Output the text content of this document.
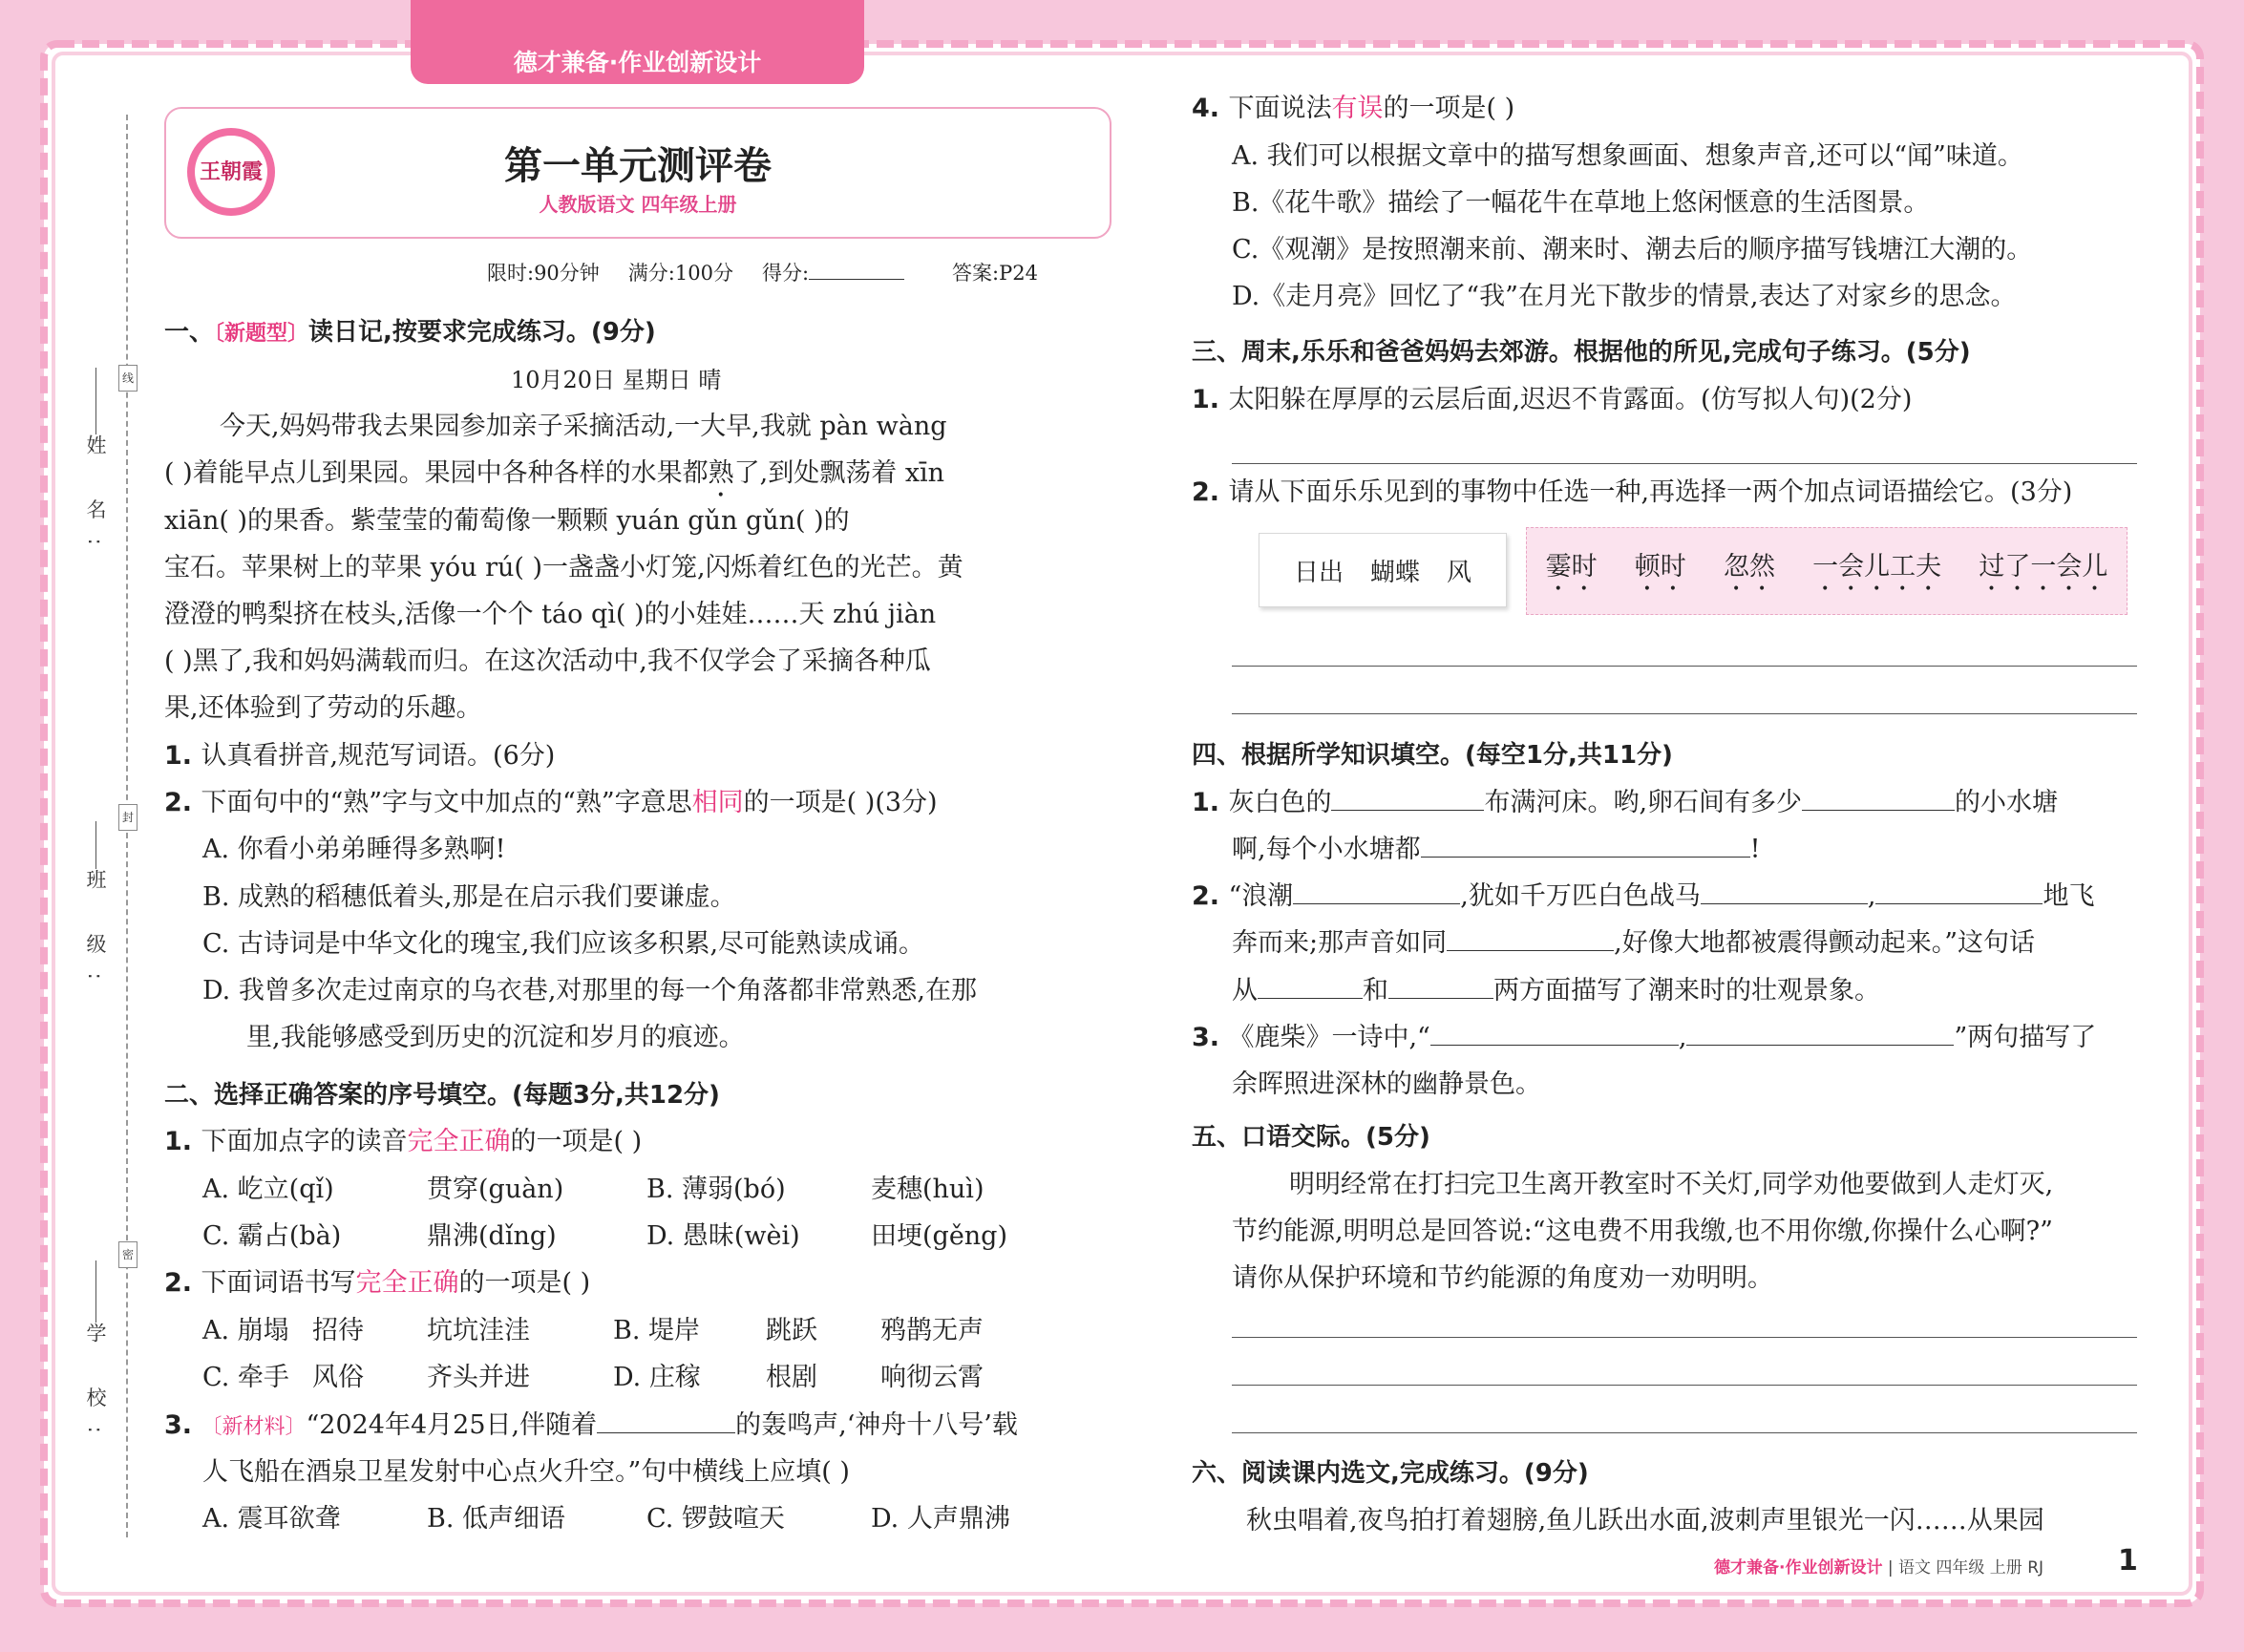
德才兼备·作业创新设计
姓 名:
班 级:
学 校:
线
封
密
王朝霞	第一单元测评卷
人教版语文 四年级上册
限时:90分钟 满分:100分 得分:	答案:P24
一、〔新题型〕读日记,按要求完成练习。(9分)
10月20日 星期日 晴
今天,妈妈带我去果园参加亲子采摘活动,一大早,我就 pàn wàng
( )着能早点儿到果园。果园中各种各样的水果都熟了,到处飘荡着 xīn
xiān( )的果香。紫莹莹的葡萄像一颗颗 yuán gǔn gǔn( )的
宝石。苹果树上的苹果 yóu rú( )一盏盏小灯笼,闪烁着红色的光芒。黄
澄澄的鸭梨挤在枝头,活像一个个 táo qì( )的小娃娃……天 zhú jiàn
( )黑了,我和妈妈满载而归。在这次活动中,我不仅学会了采摘各种瓜
果,还体验到了劳动的乐趣。
1. 认真看拼音,规范写词语。(6分)
2. 下面句中的“熟”字与文中加点的“熟”字意思相同的一项是( )(3分)
A. 你看小弟弟睡得多熟啊!
B. 成熟的稻穗低着头,那是在启示我们要谦虚。
C. 古诗词是中华文化的瑰宝,我们应该多积累,尽可能熟读成诵。
D. 我曾多次走过南京的乌衣巷,对那里的每一个角落都非常熟悉,在那
里,我能够感受到历史的沉淀和岁月的痕迹。
二、选择正确答案的序号填空。(每题3分,共12分)
1. 下面加点字的读音完全正确的一项是( )
A. 屹立(qǐ)	贯穿(guàn)	B. 薄弱(bó)	麦穗(huì)
C. 霸占(bà)	鼎沸(dǐng)	D. 愚昧(wèi)	田埂(gěng)
2. 下面词语书写完全正确的一项是( )
A. 崩塌 招待 坑坑洼洼	B. 堤岸	跳跃 鸦鹊无声
C. 牵手 风俗 齐头并进	D. 庄稼	根剧 响彻云霄
3. 〔新材料〕“2024年4月25日,伴随着	的轰鸣声,‘神舟十八号’载
人飞船在酒泉卫星发射中心点火升空。”句中横线上应填( )
A. 震耳欲聋	B. 低声细语	C. 锣鼓喧天	D. 人声鼎沸
4. 下面说法有误的一项是( )
A. 我们可以根据文章中的描写想象画面、想象声音,还可以“闻”味道。
B.《花牛歌》描绘了一幅花牛在草地上悠闲惬意的生活图景。
C.《观潮》是按照潮来前、潮来时、潮去后的顺序描写钱塘江大潮的。
D.《走月亮》回忆了“我”在月光下散步的情景,表达了对家乡的思念。
三、周末,乐乐和爸爸妈妈去郊游。根据他的所见,完成句子练习。(5分)
1. 太阳躲在厚厚的云层后面,迟迟不肯露面。(仿写拟人句)(2分)
2. 请从下面乐乐见到的事物中任选一种,再选择一两个加点词语描绘它。(3分)
日出 蝴蝶 风	霎时 顿时 忽然 一会儿工夫 过了一会儿
四、根据所学知识填空。(每空1分,共11分)
1. 灰白色的	布满河床。哟,卵石间有多少	的小水塘
啊,每个小水塘都	!
2. “浪潮	,犹如千万匹白色战马	,	地飞
奔而来;那声音如同	,好像大地都被震得颤动起来。”这句话
从	和	两方面描写了潮来时的壮观景象。
3. 《鹿柴》一诗中,“	,	”两句描写了
余晖照进深林的幽静景色。
五、口语交际。(5分)
明明经常在打扫完卫生离开教室时不关灯,同学劝他要做到人走灯灭,
节约能源,明明总是回答说:“这电费不用我缴,也不用你缴,你操什么心啊?”
请你从保护环境和节约能源的角度劝一劝明明。
六、阅读课内选文,完成练习。(9分)
秋虫唱着,夜鸟拍打着翅膀,鱼儿跃出水面,波刺声里银光一闪……从果园
德才兼备·作业创新设计 | 语文 四年级 上册 RJ	1
